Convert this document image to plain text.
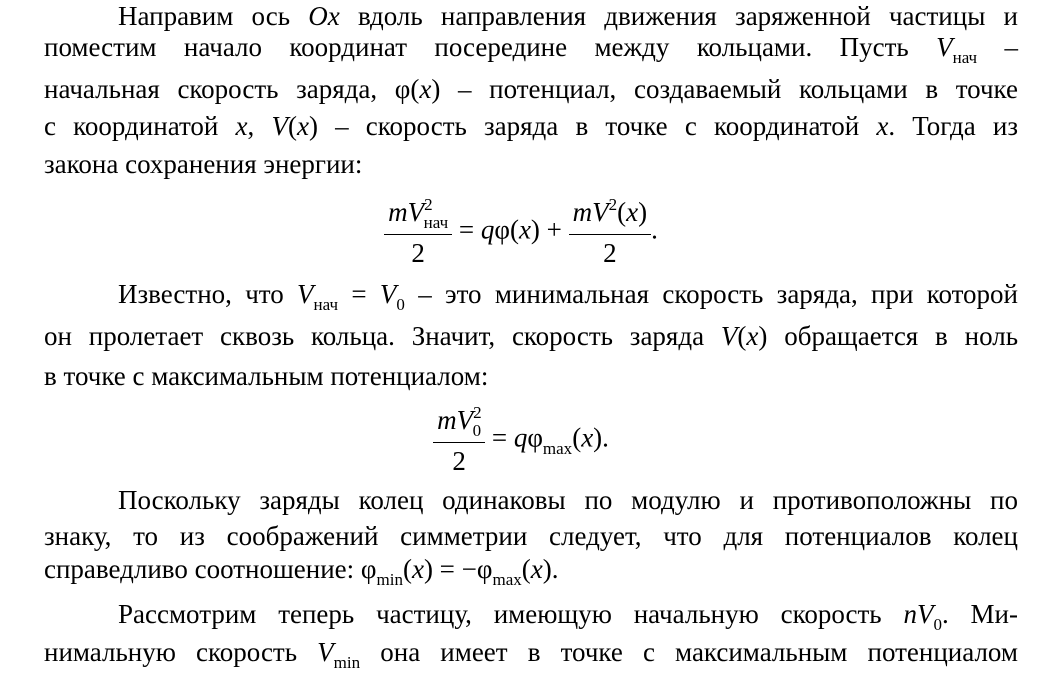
Направим ось Ox вдоль направления движения заряженной частицы и
поместим начало координат посередине между кольцами. Пусть $V_{нач}$ –
начальная скорость заряда, φ(x) – потенциал, создаваемый кольцами в точке
с координатой x, V(x) – скорость заряда в точке с координатой x. Тогда из
закона сохранения энергии:
$\frac{mV^2_{нач}}{2} = q\varphi(x) + \frac{mV^2(x)}{2}$ .
Известно, что $V_{нач} = V_0$ – это минимальная скорость заряда, при которой
он пролетает сквозь кольца. Значит, скорость заряда V(x) обращается в ноль
в точке с максимальным потенциалом:
$\frac{mV^2_0}{2} = q\varphi_{max}(x)$.
Поскольку заряды колец одинаковы по модулю и противоположны по
знаку, то из соображений симметрии следует, что для потенциалов колец
справедливо соотношение: $\varphi_{min}(x) = -\varphi_{max}(x)$.
Рассмотрим теперь частицу, имеющую начальную скорость $nV_0$. Ми-
нимальную скорость $V_{min}$ она имеет в точке с максимальным потенциалом
